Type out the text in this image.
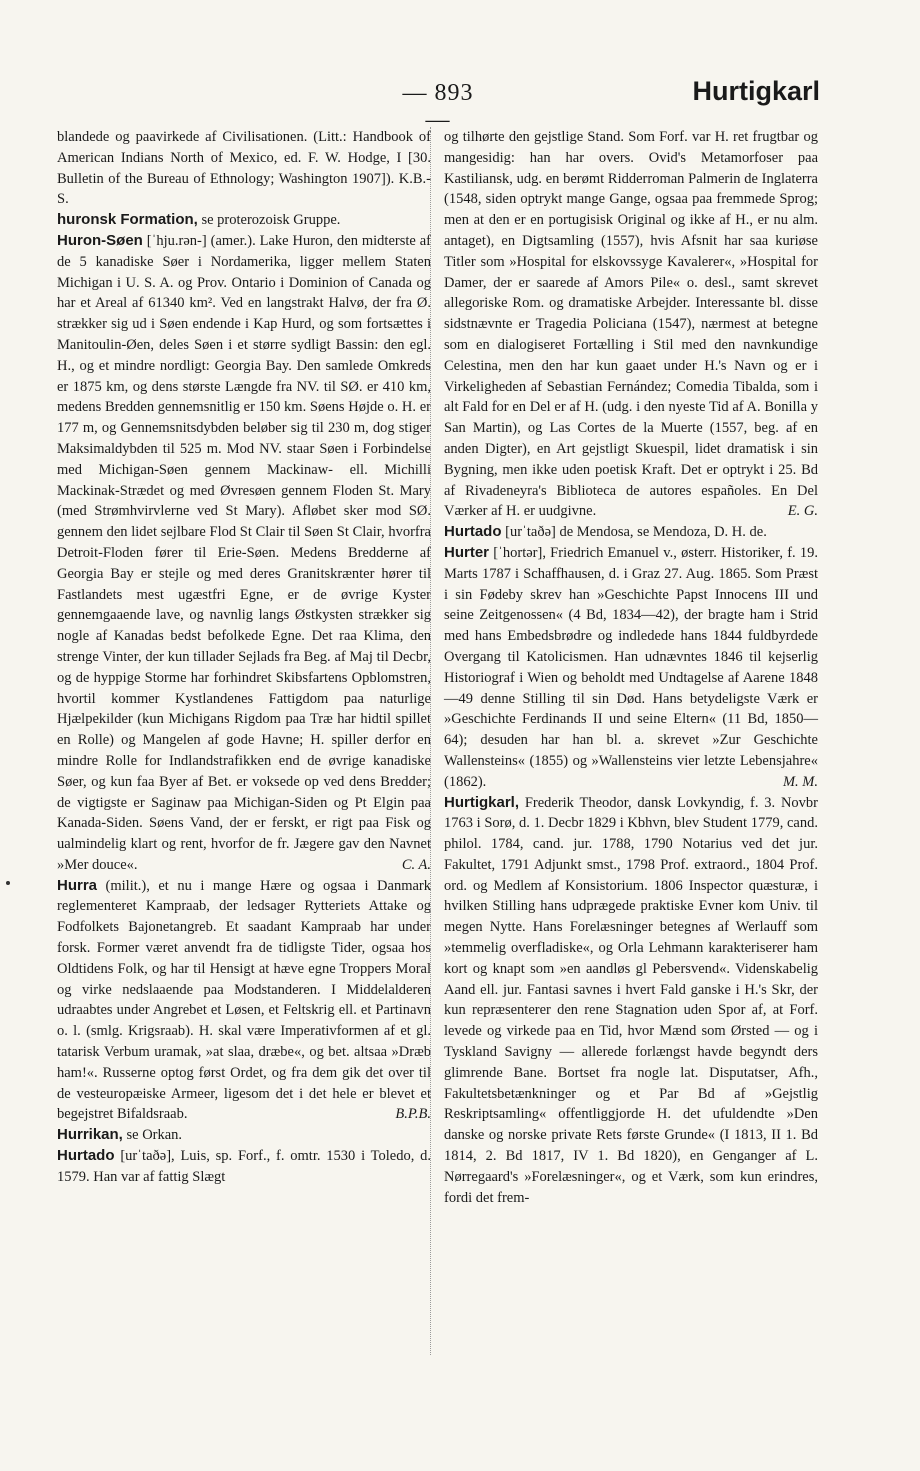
— 893 —
Hurtigkarl

blandede og paavirkede af Civilisationen. (Litt.: Handbook of American Indians North of Mexico, ed. F. W. Hodge, I [30. Bulletin of the Bureau of Ethnology; Washington 1907]). K.B.-S.

huronsk Formation, se proterozoisk Gruppe.

Huron-Søen [ˈhju.rən-] (amer.). Lake Huron, den midterste af de 5 kanadiske Søer i Nordamerika, ligger mellem Staten Michigan i U. S. A. og Prov. Ontario i Dominion of Canada og har et Areal af 61340 km². Ved en langstrakt Halvø, der fra Ø. strækker sig ud i Søen endende i Kap Hurd, og som fortsættes i Manitoulin-Øen, deles Søen i et større sydligt Bassin: den egl. H., og et mindre nordligt: Georgia Bay. Den samlede Omkreds er 1875 km, og dens største Længde fra NV. til SØ. er 410 km, medens Bredden gennemsnitlig er 150 km. Søens Højde o. H. er 177 m, og Gennemsnitsdybden beløber sig til 230 m, dog stiger Maksimaldybden til 525 m. Mod NV. staar Søen i Forbindelse med Michigan-Søen gennem Mackinaw- ell. Michilli Mackinak-Strædet og med Øvresøen gennem Floden St. Mary (med Strømhvirvlerne ved St Mary). Afløbet sker mod SØ. gennem den lidet sejlbare Flod St Clair til Søen St Clair, hvorfra Detroit-Floden fører til Erie-Søen. Medens Bredderne af Georgia Bay er stejle og med deres Granitskrænter hører til Fastlandets mest ugæstfri Egne, er de øvrige Kyster gennemgaaende lave, og navnlig langs Østkysten strækker sig nogle af Kanadas bedst befolkede Egne. Det raa Klima, den strenge Vinter, der kun tillader Sejlads fra Beg. af Maj til Decbr, og de hyppige Storme har forhindret Skibsfartens Opblomstren, hvortil kommer Kystlandenes Fattigdom paa naturlige Hjælpekilder (kun Michigans Rigdom paa Træ har hidtil spillet en Rolle) og Mangelen af gode Havne; H. spiller derfor en mindre Rolle for Indlandstrafikken end de øvrige kanadiske Søer, og kun faa Byer af Bet. er voksede op ved dens Bredder; de vigtigste er Saginaw paa Michigan-Siden og Pt Elgin paa Kanada-Siden. Søens Vand, der er ferskt, er rigt paa Fisk og ualmindelig klart og rent, hvorfor de fr. Jægere gav den Navnet »Mer douce«.	C. A.

Hurra (milit.), et nu i mange Hære og ogsaa i Danmark reglementeret Kampraab, der ledsager Rytteriets Attake og Fodfolkets Bajonetangreb. Et saadant Kampraab har under forsk. Former været anvendt fra de tidligste Tider, ogsaa hos Oldtidens Folk, og har til Hensigt at hæve egne Troppers Moral og virke nedslaaende paa Modstanderen. I Middelalderen udraabtes under Angrebet et Løsen, et Feltskrig ell. et Partinavn o. l. (smlg. Krigsraab). H. skal være Imperativformen af et gl. tatarisk Verbum uramak, »at slaa, dræbe«, og bet. altsaa »Dræb ham!«. Russerne optog først Ordet, og fra dem gik det over til de vesteuropæiske Armeer, ligesom det i det hele er blevet et begejstret Bifaldsraab.	B.P.B.

Hurrikan, se Orkan.

Hurtado [urˈtaðə], Luis, sp. Forf., f. omtr. 1530 i Toledo, d. 1579. Han var af fattig Slægt

og tilhørte den gejstlige Stand. Som Forf. var H. ret frugtbar og mangesidig: han har overs. Ovid's Metamorfoser paa Kastiliansk, udg. en berømt Ridderroman Palmerin de Inglaterra (1548, siden optrykt mange Gange, ogsaa paa fremmede Sprog; men at den er en portugisisk Original og ikke af H., er nu alm. antaget), en Digtsamling (1557), hvis Afsnit har saa kuriøse Titler som »Hospital for elskovssyge Kavalerer«, »Hospital for Damer, der er saarede af Amors Pile« o. desl., samt skrevet allegoriske Rom. og dramatiske Arbejder. Interessante bl. disse sidstnævnte er Tragedia Policiana (1547), nærmest at betegne som en dialogiseret Fortælling i Stil med den navnkundige Celestina, men den har kun gaaet under H.'s Navn og er i Virkeligheden af Sebastian Fernández; Comedia Tibalda, som i alt Fald for en Del er af H. (udg. i den nyeste Tid af A. Bonilla y San Martin), og Las Cortes de la Muerte (1557, beg. af en anden Digter), en Art gejstligt Skuespil, lidet dramatisk i sin Bygning, men ikke uden poetisk Kraft. Det er optrykt i 25. Bd af Rivadeneyra's Biblioteca de autores españoles. En Del Værker af H. er uudgivne.	E. G.

Hurtado [urˈtaðə] de Mendosa, se Mendoza, D. H. de.

Hurter [ˈhortər], Friedrich Emanuel v., østerr. Historiker, f. 19. Marts 1787 i Schaffhausen, d. i Graz 27. Aug. 1865. Som Præst i sin Fødeby skrev han »Geschichte Papst Innocens III und seine Zeitgenossen« (4 Bd, 1834—42), der bragte ham i Strid med hans Embedsbrødre og indledede hans 1844 fuldbyrdede Overgang til Katolicismen. Han udnævntes 1846 til kejserlig Historiograf i Wien og beholdt med Undtagelse af Aarene 1848—49 denne Stilling til sin Død. Hans betydeligste Værk er »Geschichte Ferdinands II und seine Eltern« (11 Bd, 1850—64); desuden har han bl. a. skrevet »Zur Geschichte Wallensteins« (1855) og »Wallensteins vier letzte Lebensjahre« (1862).	M. M.

Hurtigkarl, Frederik Theodor, dansk Lovkyndig, f. 3. Novbr 1763 i Sorø, d. 1. Decbr 1829 i Kbhvn, blev Student 1779, cand. philol. 1784, cand. jur. 1788, 1790 Notarius ved det jur. Fakultet, 1791 Adjunkt smst., 1798 Prof. extraord., 1804 Prof. ord. og Medlem af Konsistorium. 1806 Inspector quæsturæ, i hvilken Stilling hans udprægede praktiske Evner kom Univ. til megen Nytte. Hans Forelæsninger betegnes af Werlauff som »temmelig overfladiske«, og Orla Lehmann karakteriserer ham kort og knapt som »en aandløs gl Pebersvend«. Videnskabelig Aand ell. jur. Fantasi savnes i hvert Fald ganske i H.'s Skr, der kun repræsenterer den rene Stagnation uden Spor af, at Forf. levede og virkede paa en Tid, hvor Mænd som Ørsted — og i Tyskland Savigny — allerede forlængst havde begyndt ders glimrende Bane. Bortset fra nogle lat. Disputatser, Afh., Fakultetsbetænkninger og et Par Bd af »Gejstlig Reskriptsamling« offentliggjorde H. det ufuldendte »Den danske og norske private Rets første Grunde« (I 1813, II 1. Bd 1814, 2. Bd 1817, IV 1. Bd 1820), en Genganger af L. Nørregaard's »Forelæsninger«, og et Værk, som kun erindres, fordi det frem-
